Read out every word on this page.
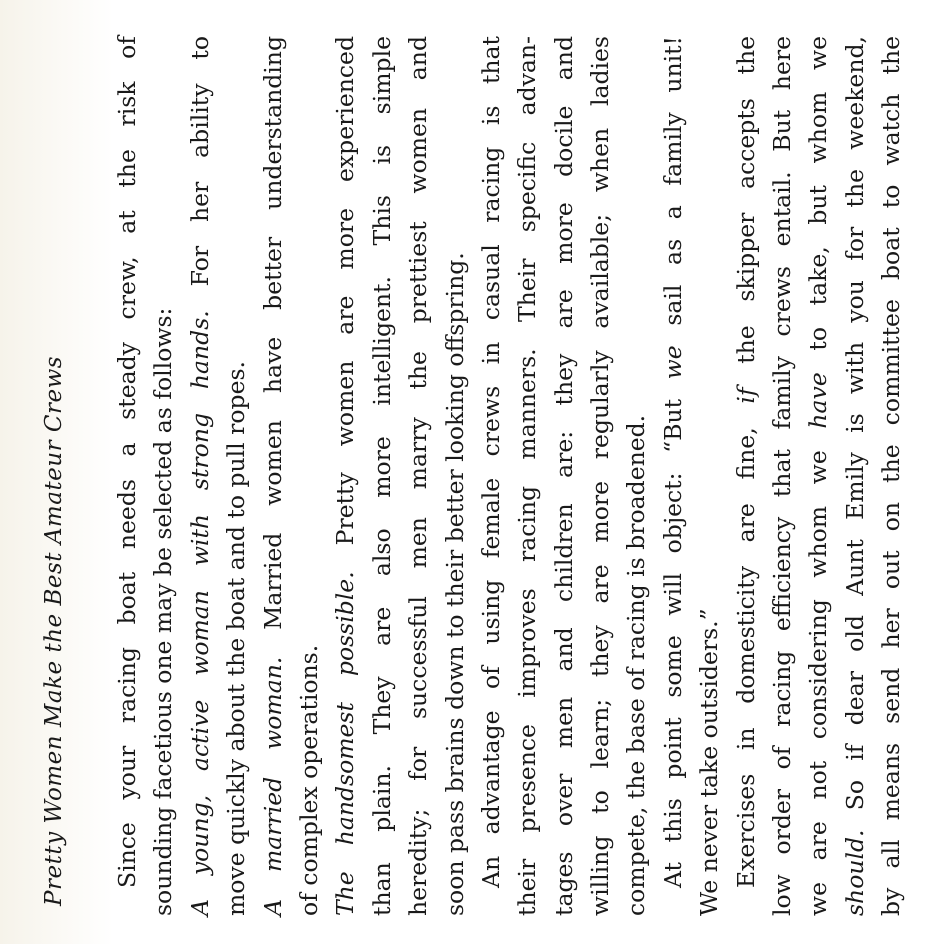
Pretty Women Make the Best Amateur Crews Since your racing boat needs a steady crew, at the risk of sounding facetious one may be selected as follows: A young, active woman with strong hands. For her ability to
move quickly about the boat and to pull ropes. A married woman. Married women have better understanding
of complex operations. The handsomest possible. Pretty women are more experienced than plain. They are also more intelligent. This is simple heredity; for successful men marry the prettiest women and soon pass brains down to their better looking offspring. An advantage of using female crews in casual racing is that their presence improves racing manners. Their specific advan- tages over men and children are: they are more docile and willing to learn; they are more regularly available; when ladies compete, the base of racing is broadened. At this point some will object: “But we sail as a family unit!
We never take outsiders.” Exercises in domesticity are fine, if the skipper accepts the low order of racing efficiency that family crews entail. But here we are not considering whom we have to take, but whom we
should. So if dear old Aunt Emily is with you for the weekend, by all means send her out on the committee boat to watch the
